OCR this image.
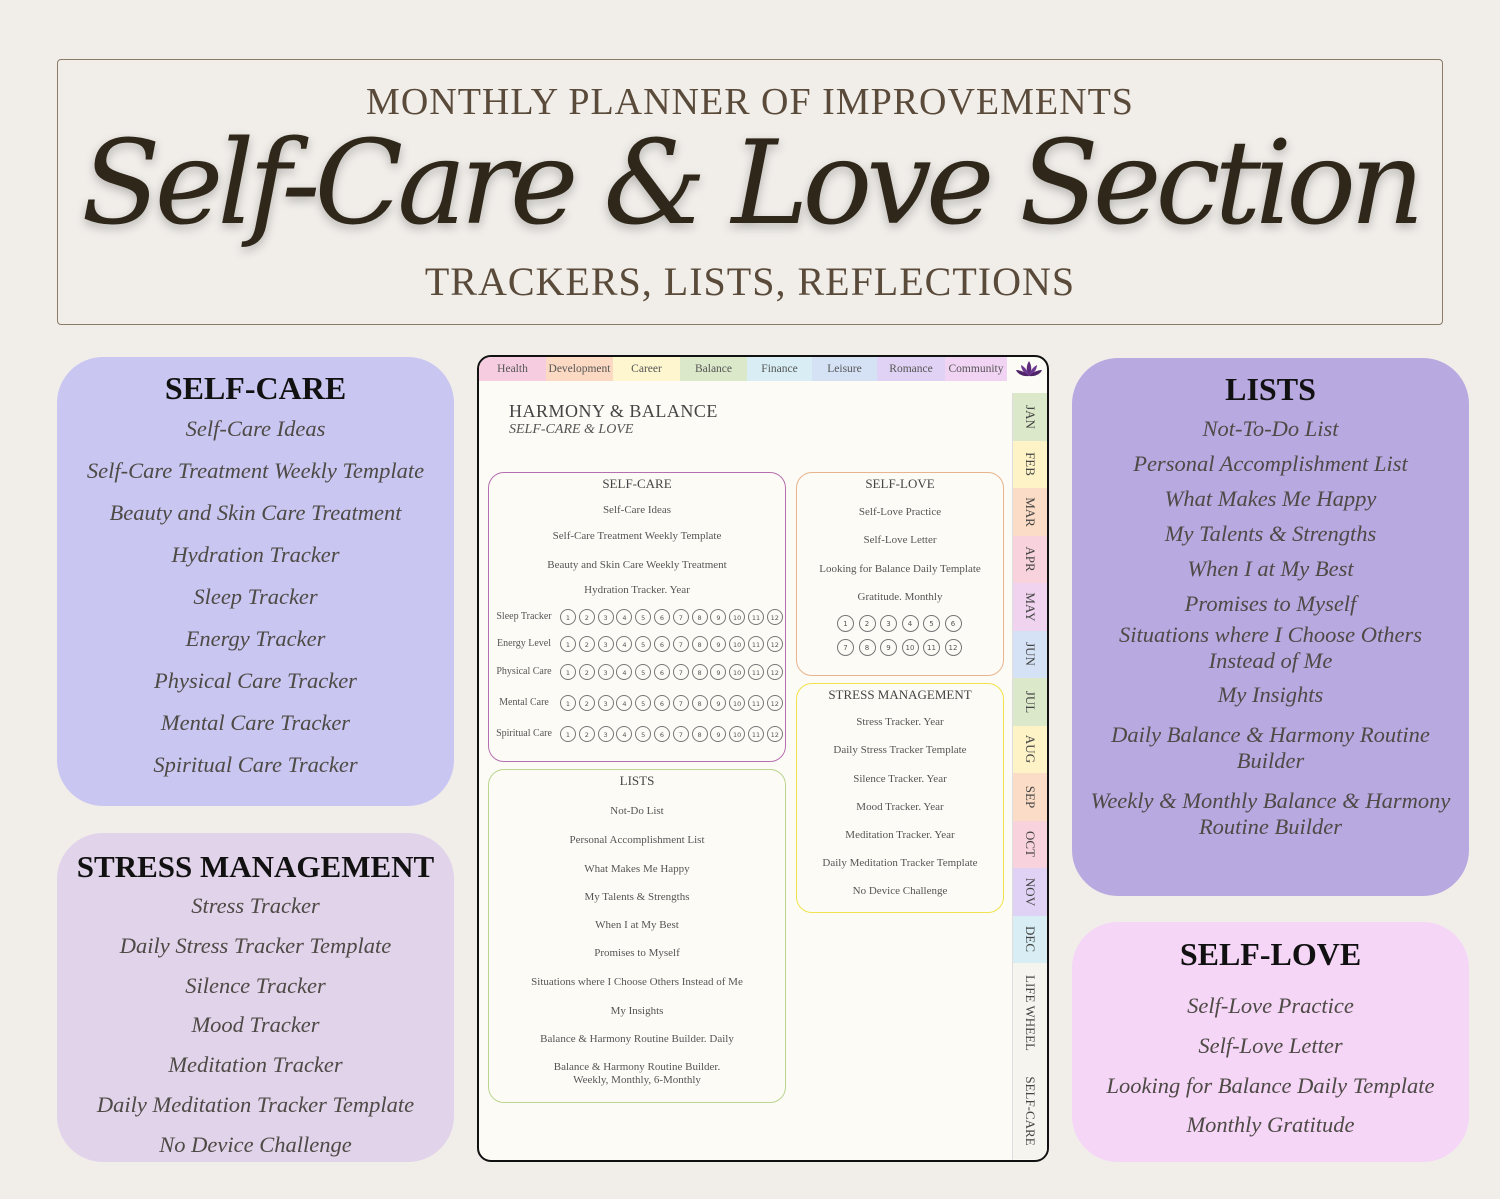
MONTHLY PLANNER OF IMPROVEMENTS
Self-Care & Love Section
TRACKERS, LISTS, REFLECTIONS
SELF-CARE
Self-Care Ideas
Self-Care Treatment Weekly Template
Beauty and Skin Care Treatment
Hydration Tracker
Sleep Tracker
Energy Tracker
Physical Care Tracker
Mental Care Tracker
Spiritual Care Tracker
STRESS MANAGEMENT
Stress Tracker
Daily Stress Tracker Template
Silence Tracker
Mood Tracker
Meditation Tracker
Daily Meditation Tracker Template
No Device Challenge
LISTS
Not-To-Do List
Personal Accomplishment List
What Makes Me Happy
My Talents & Strengths
When I at My Best
Promises to Myself
Situations where I Choose Others Instead of Me
My Insights
Daily Balance & Harmony Routine Builder
Weekly & Monthly Balance & Harmony Routine Builder
SELF-LOVE
Self-Love Practice
Self-Love Letter
Looking for Balance Daily Template
Monthly Gratitude
Health	Development	Career	Balance	Finance	Leisure	Romance	Community
JAN
FEB
MAR
APR
MAY
JUN
JUL
AUG
SEP
OCT
NOV
DEC
LIFE WHEEL
SELF-CARE
HARMONY & BALANCE
SELF-CARE & LOVE
SELF-CARE
Self-Care Ideas
Self-Care Treatment Weekly Template
Beauty and Skin Care Weekly Treatment
Hydration Tracker. Year
Sleep Tracker	1	2	3	4	5	6	7	8	9	10	11	12
Energy Level	1	2	3	4	5	6	7	8	9	10	11	12
Physical Care	1	2	3	4	5	6	7	8	9	10	11	12
Mental Care	1	2	3	4	5	6	7	8	9	10	11	12
Spiritual Care	1	2	3	4	5	6	7	8	9	10	11	12
SELF-LOVE
Self-Love Practice
Self-Love Letter
Looking for Balance Daily Template
Gratitude. Monthly
1	2	3	4	5	6
7	8	9	10	11	12
STRESS MANAGEMENT
Stress Tracker. Year
Daily Stress Tracker Template
Silence Tracker. Year
Mood Tracker. Year
Meditation Tracker. Year
Daily Meditation Tracker Template
No Device Challenge
LISTS
Not-Do List
Personal Accomplishment List
What Makes Me Happy
My Talents & Strengths
When I at My Best
Promises to Myself
Situations where I Choose Others Instead of Me
My Insights
Balance & Harmony Routine Builder. Daily
Balance & Harmony Routine Builder.
Weekly, Monthly, 6-Monthly
